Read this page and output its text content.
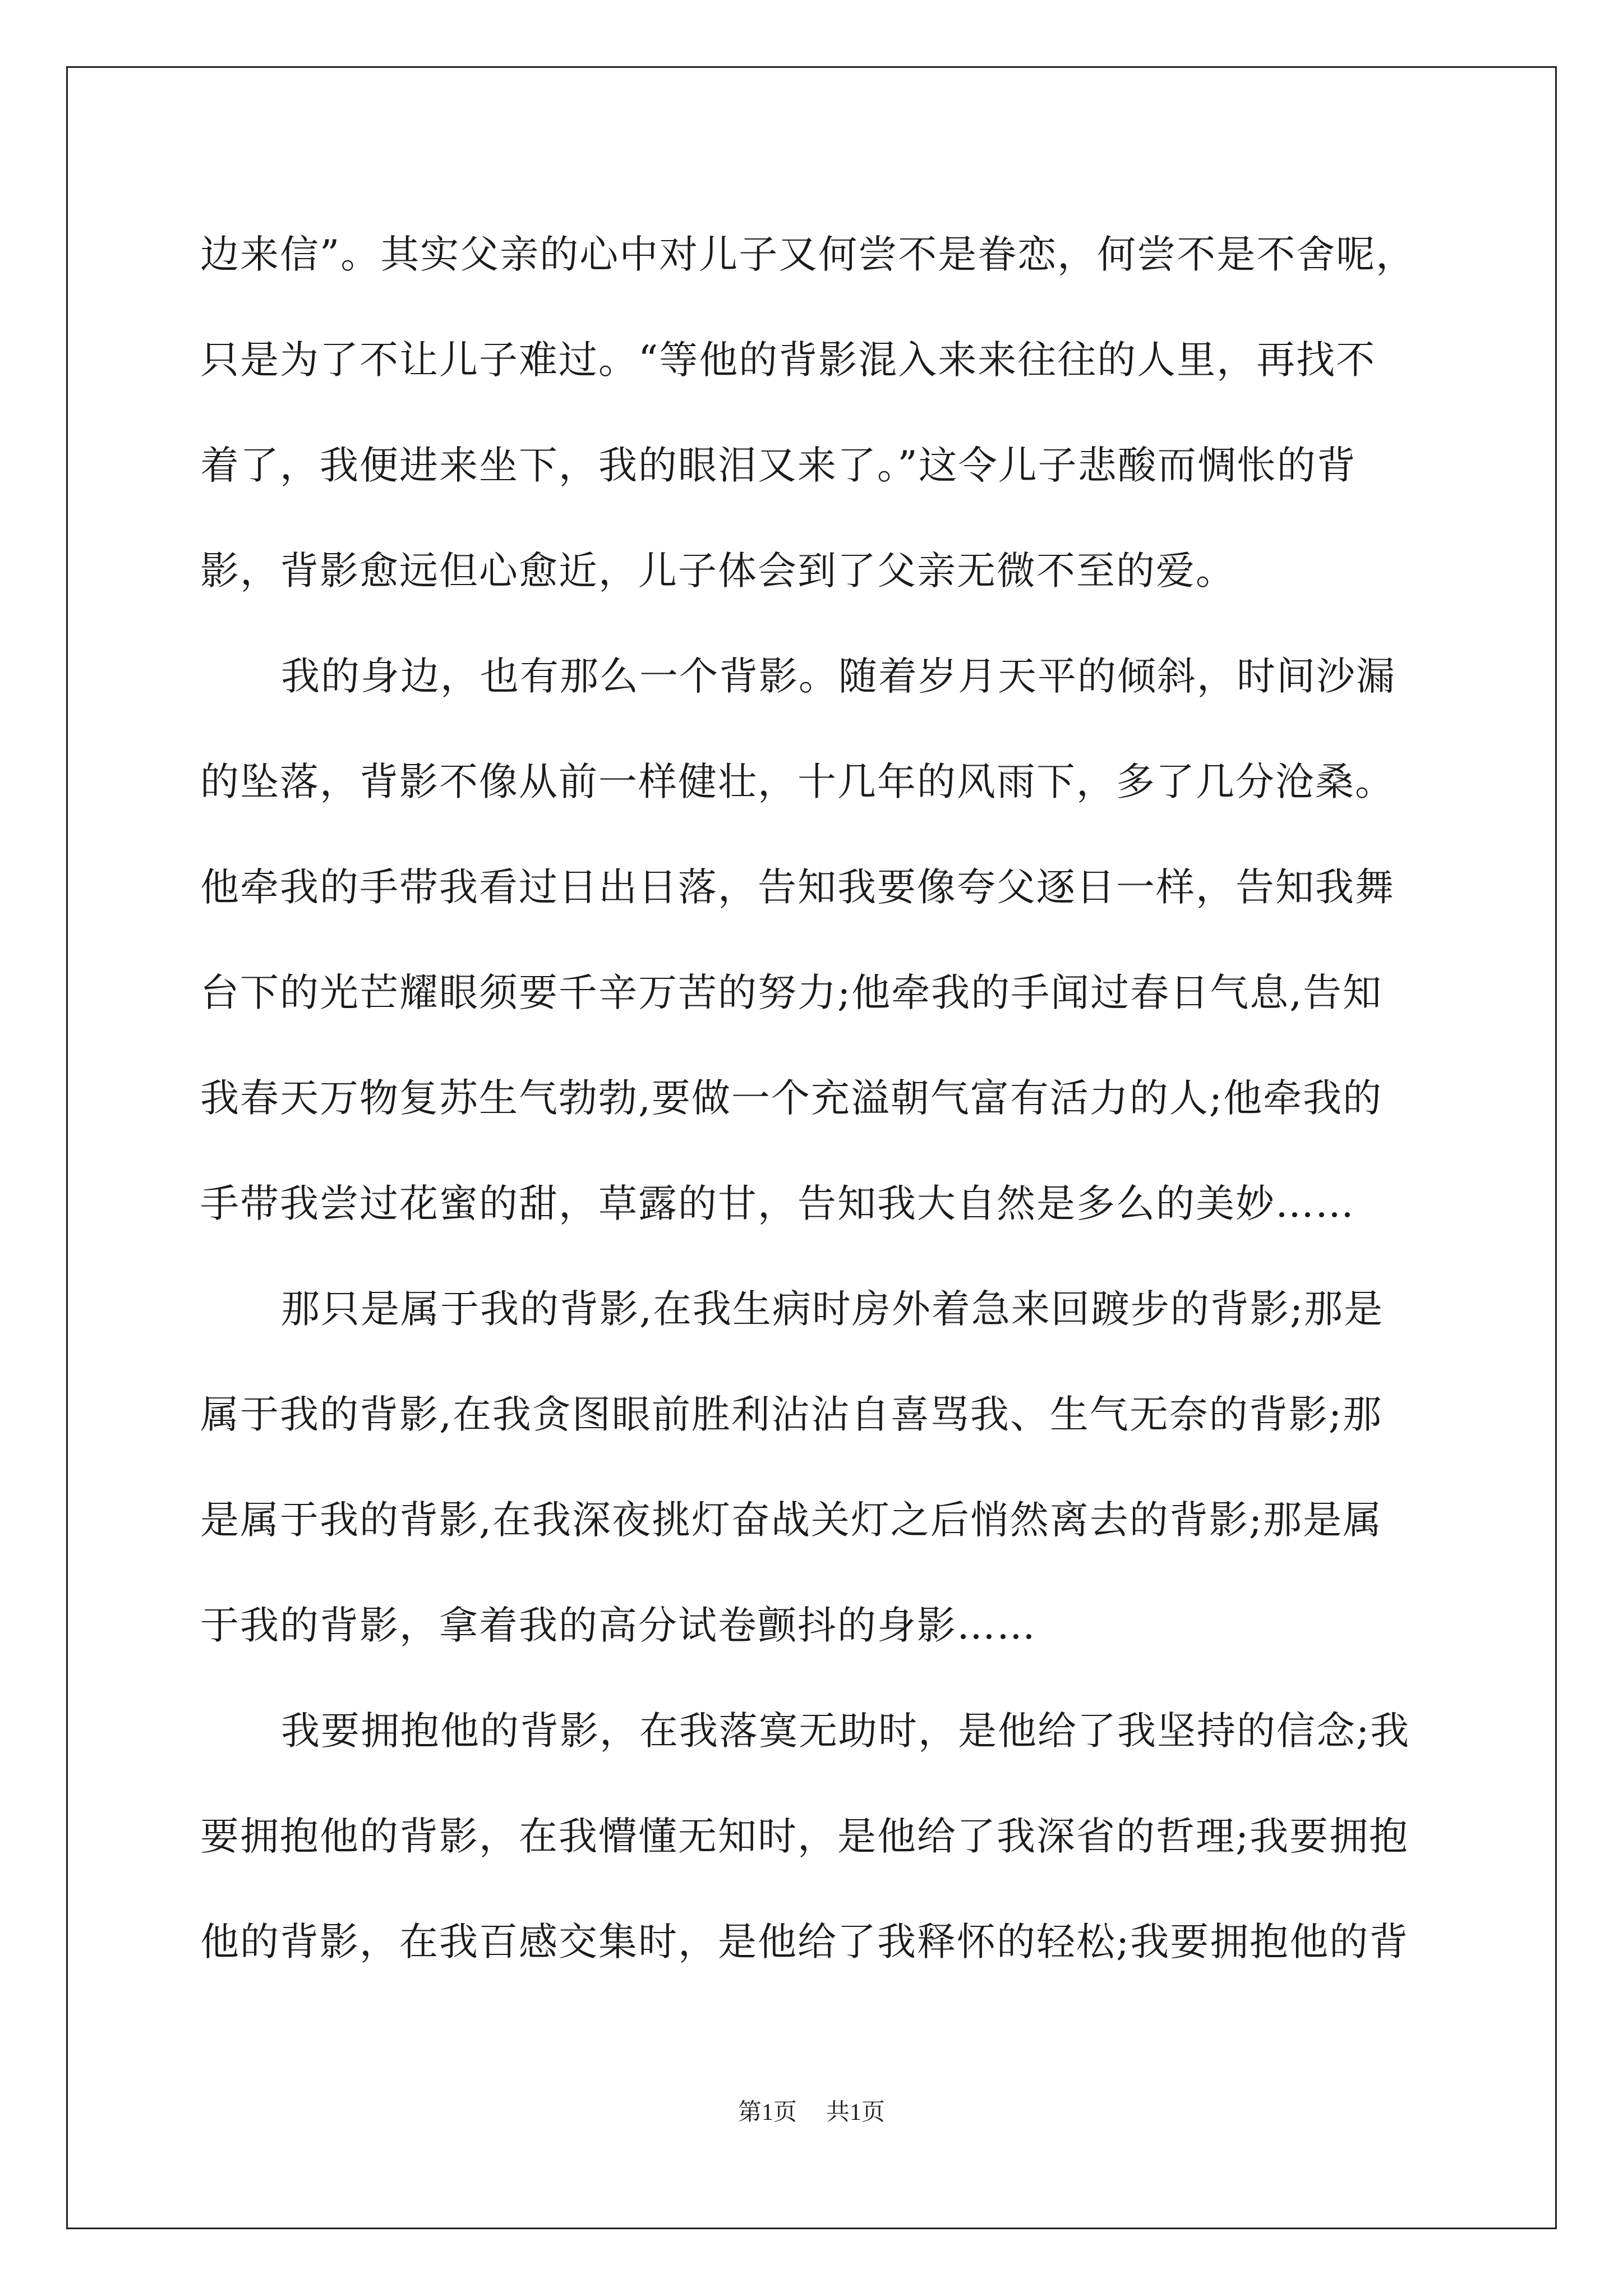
边来信”。其实父亲的心中对儿子又何尝不是眷恋，何尝不是不舍呢，
只是为了不让儿子难过。“等他的背影混入来来往往的人里，再找不
着了，我便进来坐下，我的眼泪又来了。”这令儿子悲酸而惆怅的背
影，背影愈远但心愈近，儿子体会到了父亲无微不至的爱。
我的身边，也有那么一个背影。随着岁月天平的倾斜，时间沙漏
的坠落，背影不像从前一样健壮，十几年的风雨下，多了几分沧桑。
他牵我的手带我看过日出日落，告知我要像夸父逐日一样，告知我舞
台下的光芒耀眼须要千辛万苦的努力;他牵我的手闻过春日气息,告知
我春天万物复苏生气勃勃,要做一个充溢朝气富有活力的人;他牵我的
手带我尝过花蜜的甜，草露的甘，告知我大自然是多么的美妙……
那只是属于我的背影,在我生病时房外着急来回踱步的背影;那是
属于我的背影,在我贪图眼前胜利沾沾自喜骂我、生气无奈的背影;那
是属于我的背影,在我深夜挑灯奋战关灯之后悄然离去的背影;那是属
于我的背影，拿着我的高分试卷颤抖的身影……
我要拥抱他的背影，在我落寞无助时，是他给了我坚持的信念;我
要拥抱他的背影，在我懵懂无知时，是他给了我深省的哲理;我要拥抱
他的背影，在我百感交集时，是他给了我释怀的轻松;我要拥抱他的背
第1页 共1页
